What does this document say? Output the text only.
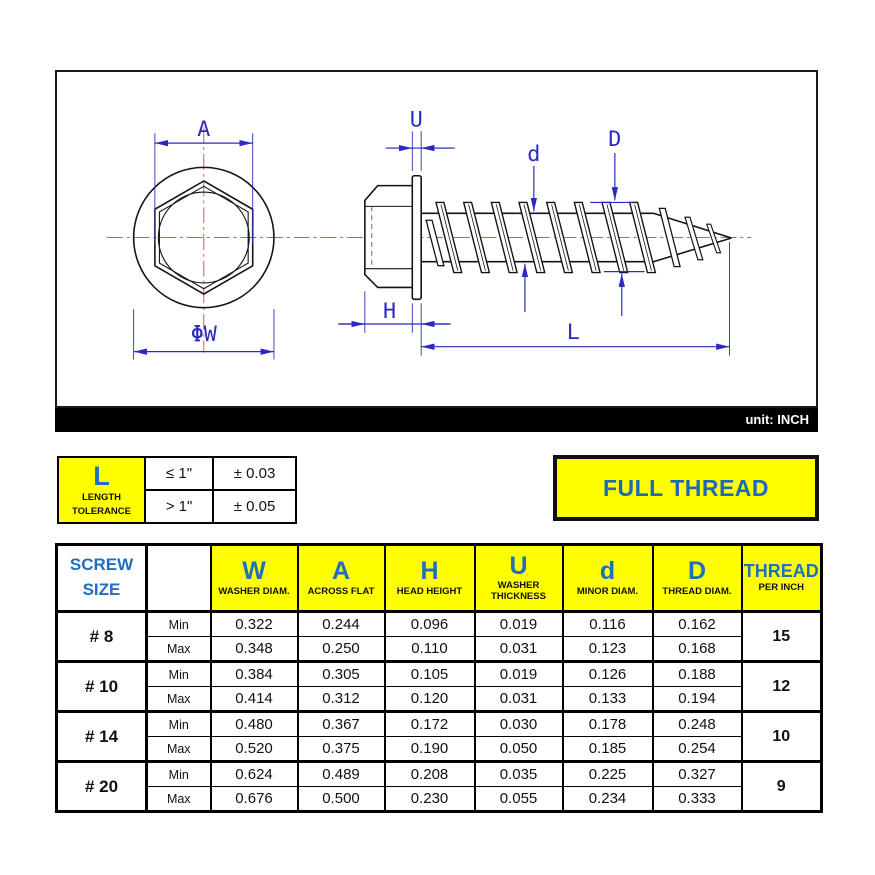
A
ΦW
U
d
D
H
L
unit: INCH
L
LENGTH
TOLERANCE	≤ 1"	± 0.03
	> 1"	± 0.05
FULL THREAD
SCREW
SIZE

W
WASHER DIAM.

A
ACROSS FLAT

H
HEAD HEIGHT

U
WASHER THICKNESS

d
MINOR DIAM.

D
THREAD DIAM.

THREAD
PER INCH

# 8	Min	0.322	0.244	0.096	0.019	0.116	0.162	15
	Max	0.348	0.250	0.110	0.031	0.123	0.168	
# 10	Min	0.384	0.305	0.105	0.019	0.126	0.188	12
	Max	0.414	0.312	0.120	0.031	0.133	0.194	
# 14	Min	0.480	0.367	0.172	0.030	0.178	0.248	10
	Max	0.520	0.375	0.190	0.050	0.185	0.254	
# 20	Min	0.624	0.489	0.208	0.035	0.225	0.327	9
	Max	0.676	0.500	0.230	0.055	0.234	0.333	
